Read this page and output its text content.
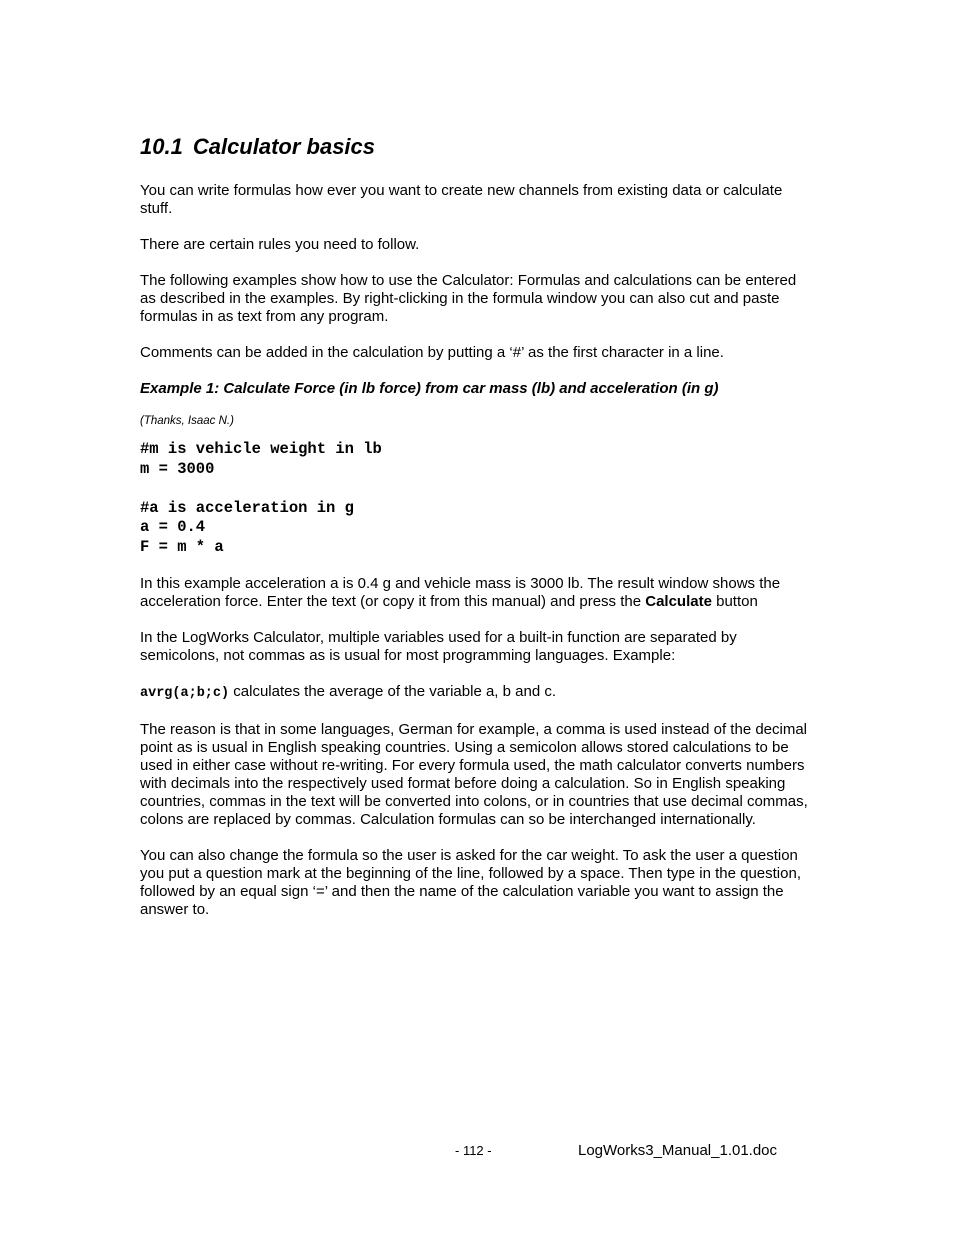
10.1 Calculator basics

You can write formulas how ever you want to create new channels from existing data or calculate stuff.

There are certain rules you need to follow.

The following examples show how to use the Calculator: Formulas and calculations can be entered as described in the examples. By right-clicking in the formula window you can also cut and paste formulas in as text from any program.

Comments can be added in the calculation by putting a ‘#’ as the first character in a line.

Example 1: Calculate Force (in lb force) from car mass (lb) and acceleration (in g)
(Thanks, Isaac N.)
#m is vehicle weight in lb
m = 3000
#a is acceleration in g
a = 0.4
F = m * a

In this example acceleration a is 0.4 g and vehicle mass is 3000 lb. The result window shows the acceleration force. Enter the text (or copy it from this manual) and press the Calculate button

In the LogWorks Calculator, multiple variables used for a built-in function are separated by semicolons, not commas as is usual for most programming languages. Example:

avrg(a;b;c) calculates the average of the variable a, b and c.

The reason is that in some languages, German for example, a comma is used instead of the decimal point as is usual in English speaking countries. Using a semicolon allows stored calculations to be used in either case without re-writing. For every formula used, the math calculator converts numbers with decimals into the respectively used format before doing a calculation. So in English speaking countries, commas in the text will be converted into colons, or in countries that use decimal commas, colons are replaced by commas. Calculation formulas can so be interchanged internationally.

You can also change the formula so the user is asked for the car weight. To ask the user a question you put a question mark at the beginning of the line, followed by a space. Then type in the question, followed by an equal sign ‘=’ and then the name of the calculation variable you want to assign the answer to.

- 112 -	LogWorks3_Manual_1.01.doc
